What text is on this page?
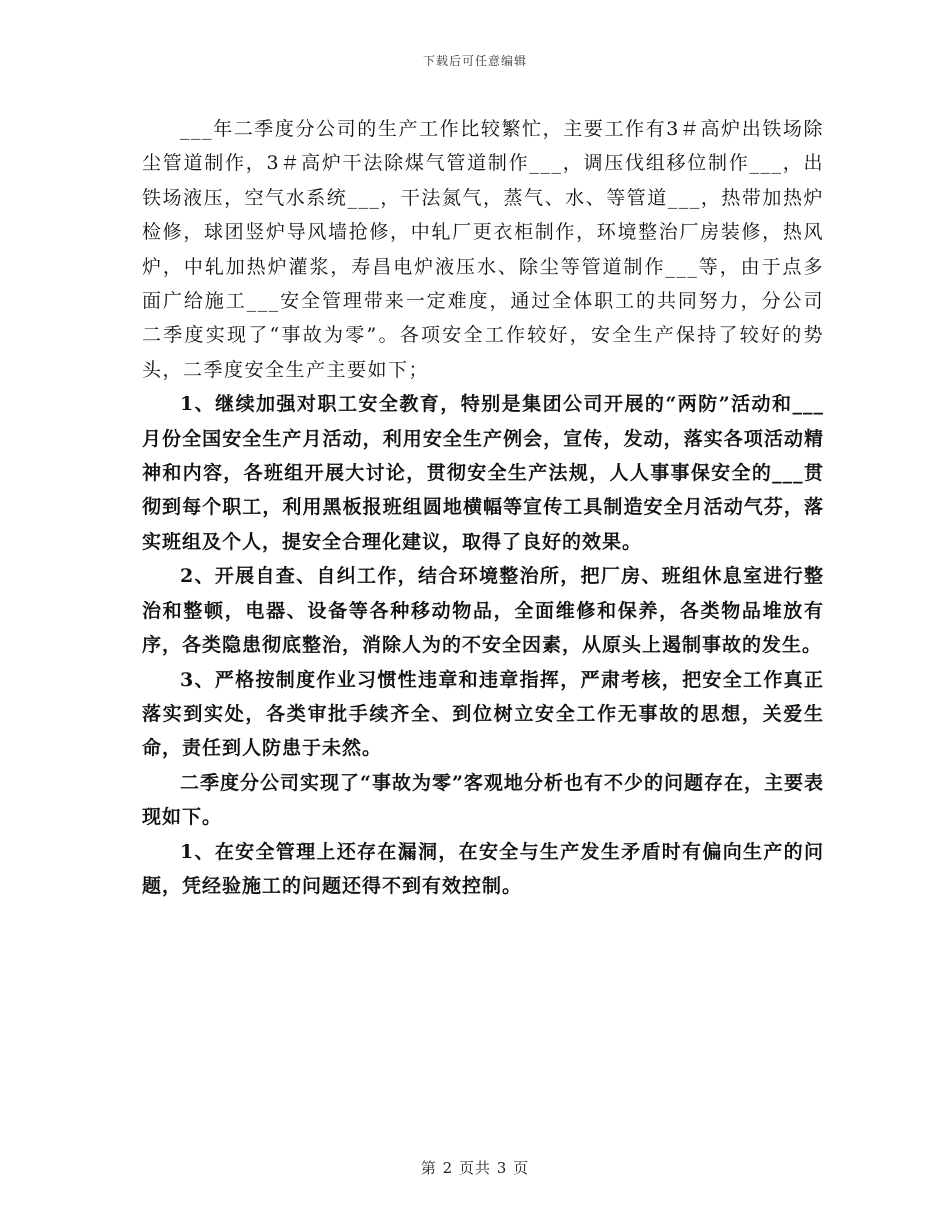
下载后可任意编辑

___年二季度分公司的生产工作比较繁忙，主要工作有3＃高炉出铁场除尘管道制作，3＃高炉干法除煤气管道制作___，调压伐组移位制作___，出铁场液压，空气水系统___，干法氮气，蒸气、水、等管道___，热带加热炉检修，球团竖炉导风墙抢修，中轧厂更衣柜制作，环境整治厂房装修，热风炉，中轧加热炉灌浆，寿昌电炉液压水、除尘等管道制作___等，由于点多面广给施工___安全管理带来一定难度，通过全体职工的共同努力，分公司二季度实现了“事故为零”。各项安全工作较好，安全生产保持了较好的势头，二季度安全生产主要如下；

1、继续加强对职工安全教育，特别是集团公司开展的“两防”活动和___月份全国安全生产月活动，利用安全生产例会，宣传，发动，落实各项活动精神和内容，各班组开展大讨论，贯彻安全生产法规，人人事事保安全的___贯彻到每个职工，利用黑板报班组圆地横幅等宣传工具制造安全月活动气芬，落实班组及个人，提安全合理化建议，取得了良好的效果。

2、开展自查、自纠工作，结合环境整治所，把厂房、班组休息室进行整治和整顿，电器、设备等各种移动物品，全面维修和保养，各类物品堆放有序，各类隐患彻底整治，消除人为的不安全因素，从原头上遏制事故的发生。

3、严格按制度作业习惯性违章和违章指挥，严肃考核，把安全工作真正落实到实处，各类审批手续齐全、到位树立安全工作无事故的思想，关爱生命，责任到人防患于未然。

二季度分公司实现了“事故为零”客观地分析也有不少的问题存在，主要表现如下。

1、在安全管理上还存在漏洞，在安全与生产发生矛盾时有偏向生产的问题，凭经验施工的问题还得不到有效控制。

第 2 页共 3 页
